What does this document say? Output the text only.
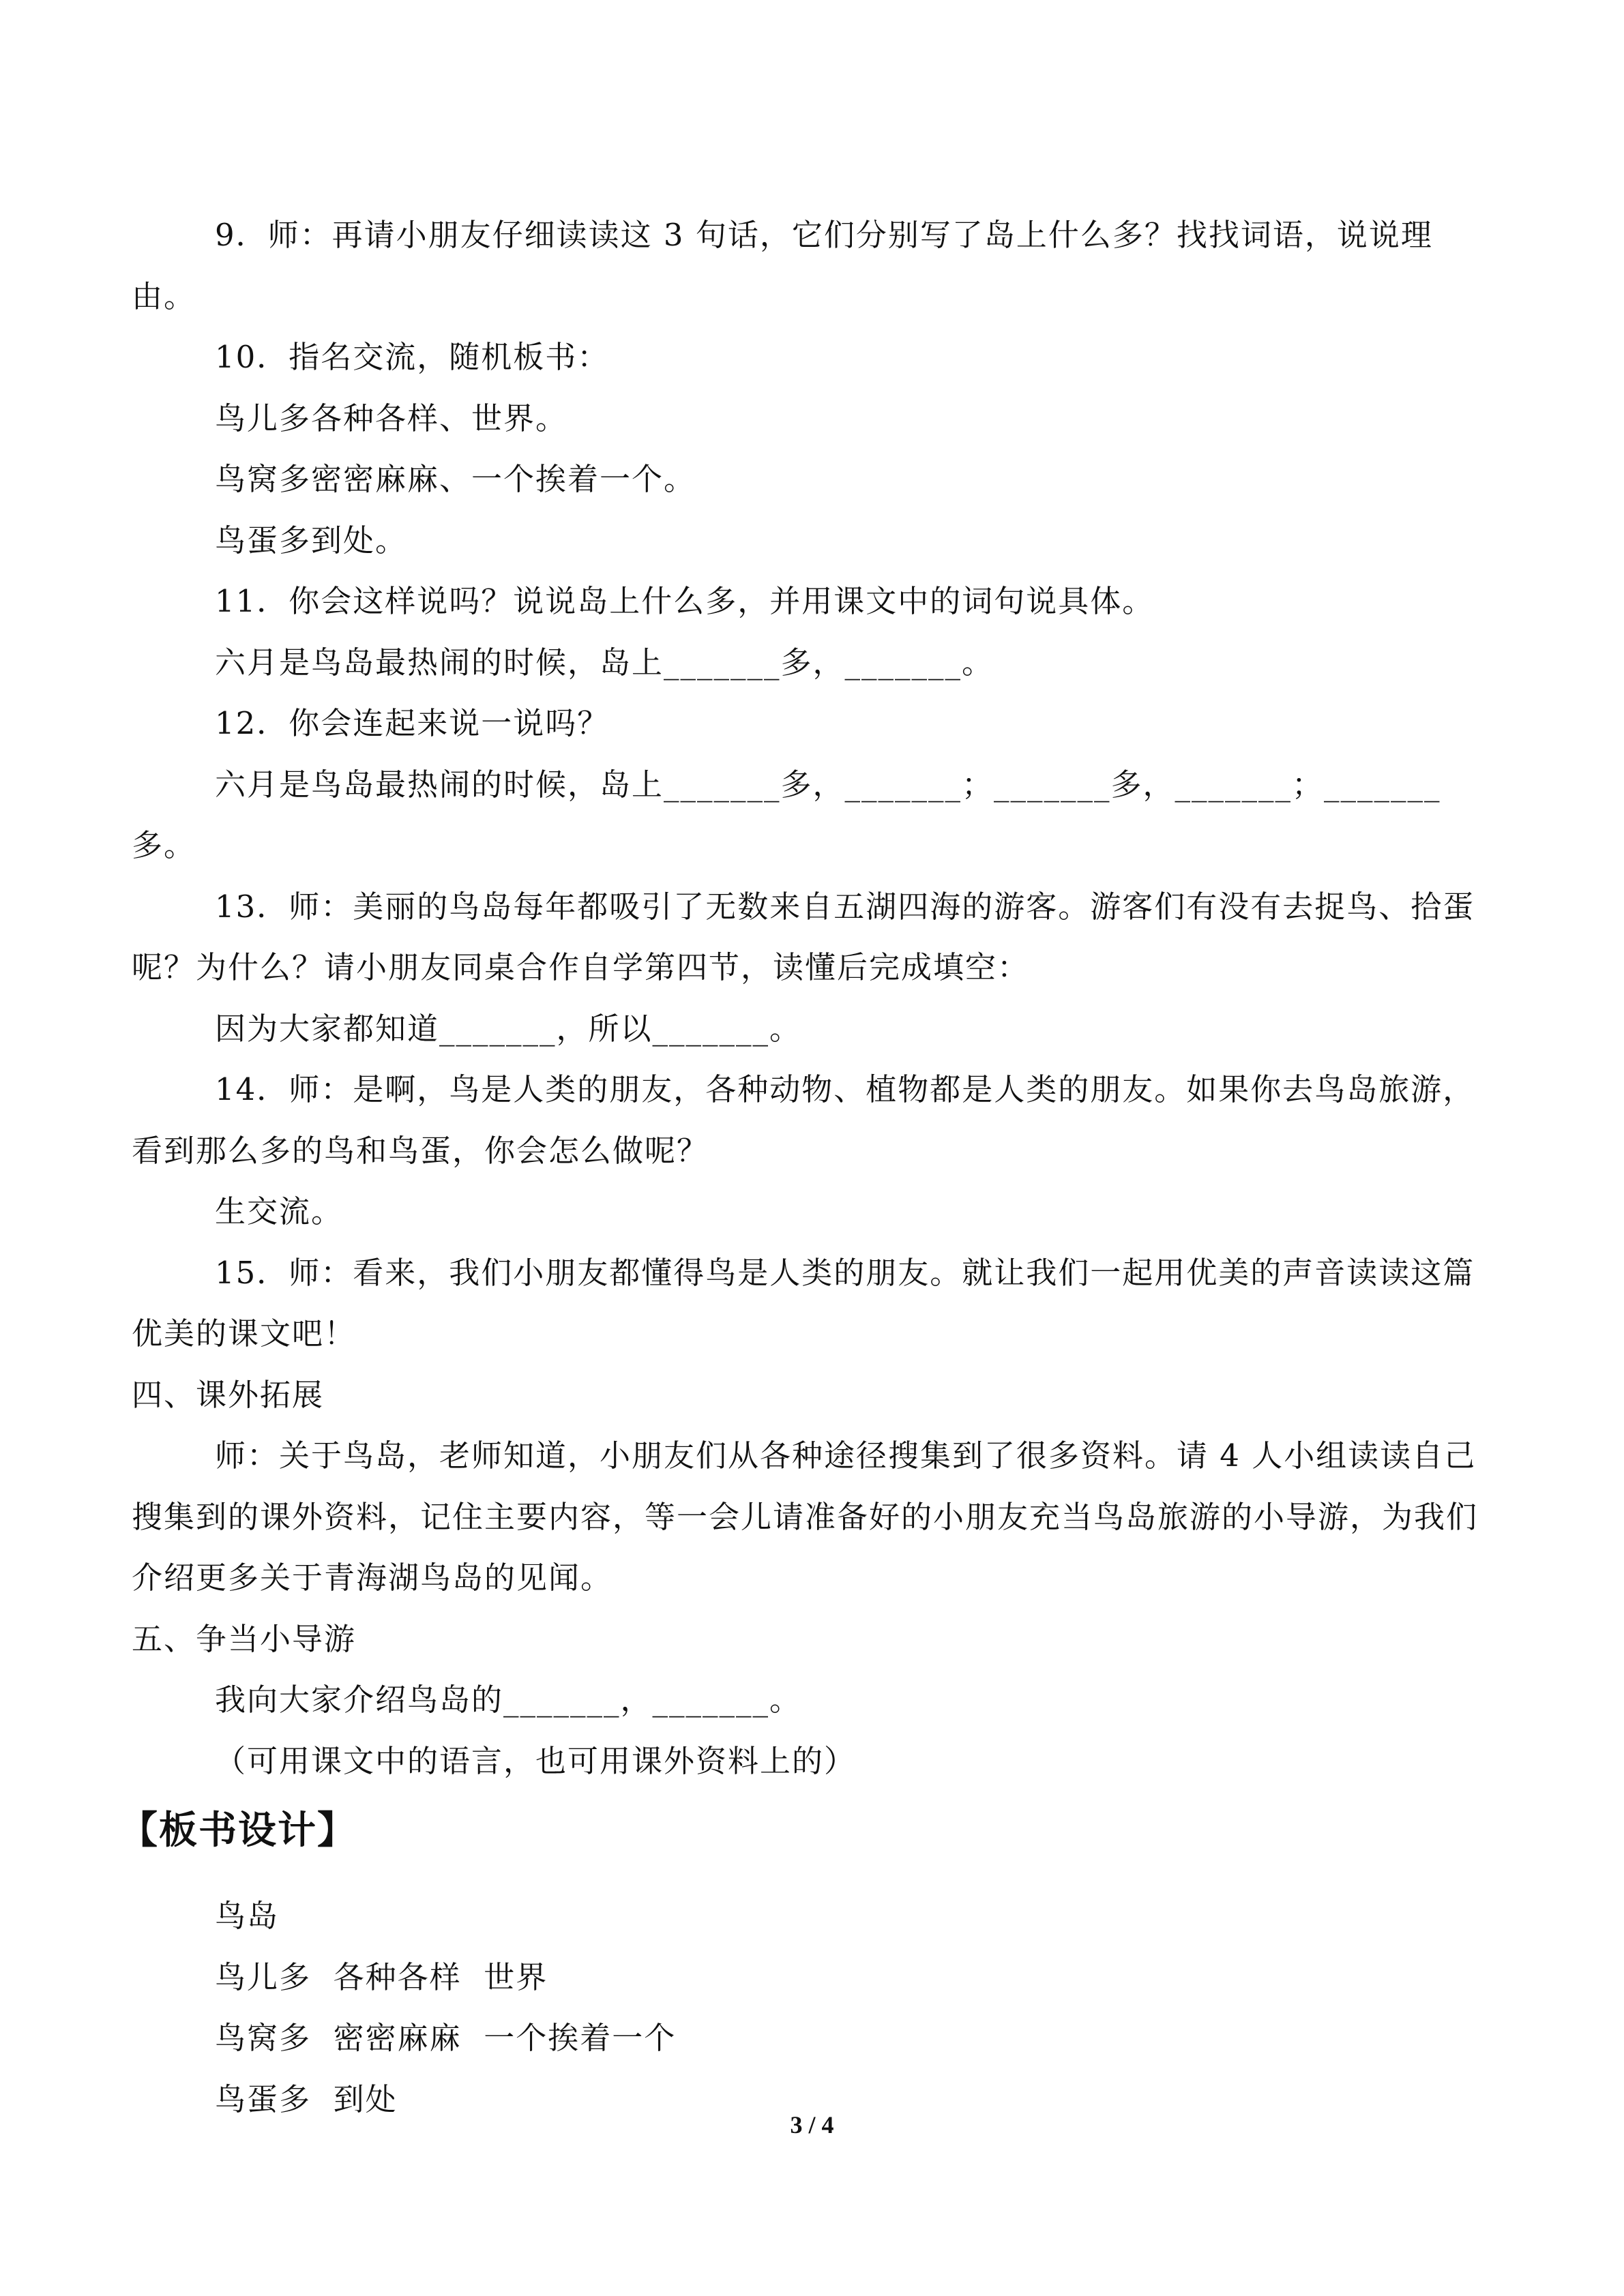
9．师：再请小朋友仔细读读这 3 句话，它们分别写了岛上什么多？找找词语，说说理由。

10．指名交流，随机板书：

鸟儿多各种各样、世界。

鸟窝多密密麻麻、一个挨着一个。

鸟蛋多到处。

11．你会这样说吗？说说岛上什么多，并用课文中的词句说具体。

六月是鸟岛最热闹的时候，岛上_______多，_______。

12．你会连起来说一说吗？

六月是鸟岛最热闹的时候，岛上_______多，_______；_______多，_______；_______多。

13．师：美丽的鸟岛每年都吸引了无数来自五湖四海的游客。游客们有没有去捉鸟、拾蛋呢？为什么？请小朋友同桌合作自学第四节，读懂后完成填空：

因为大家都知道_______，所以_______。

14．师：是啊，鸟是人类的朋友，各种动物、植物都是人类的朋友。如果你去鸟岛旅游，看到那么多的鸟和鸟蛋，你会怎么做呢？

生交流。

15．师：看来，我们小朋友都懂得鸟是人类的朋友。就让我们一起用优美的声音读读这篇优美的课文吧！

四、课外拓展

师：关于鸟岛，老师知道，小朋友们从各种途径搜集到了很多资料。请 4 人小组读读自己搜集到的课外资料，记住主要内容，等一会儿请准备好的小朋友充当鸟岛旅游的小导游，为我们介绍更多关于青海湖鸟岛的见闻。

五、争当小导游

我向大家介绍鸟岛的_______，_______。

（可用课文中的语言，也可用课外资料上的）

【板书设计】

鸟岛

鸟儿多  各种各样  世界

鸟窝多  密密麻麻  一个挨着一个

鸟蛋多  到处

3 / 4
